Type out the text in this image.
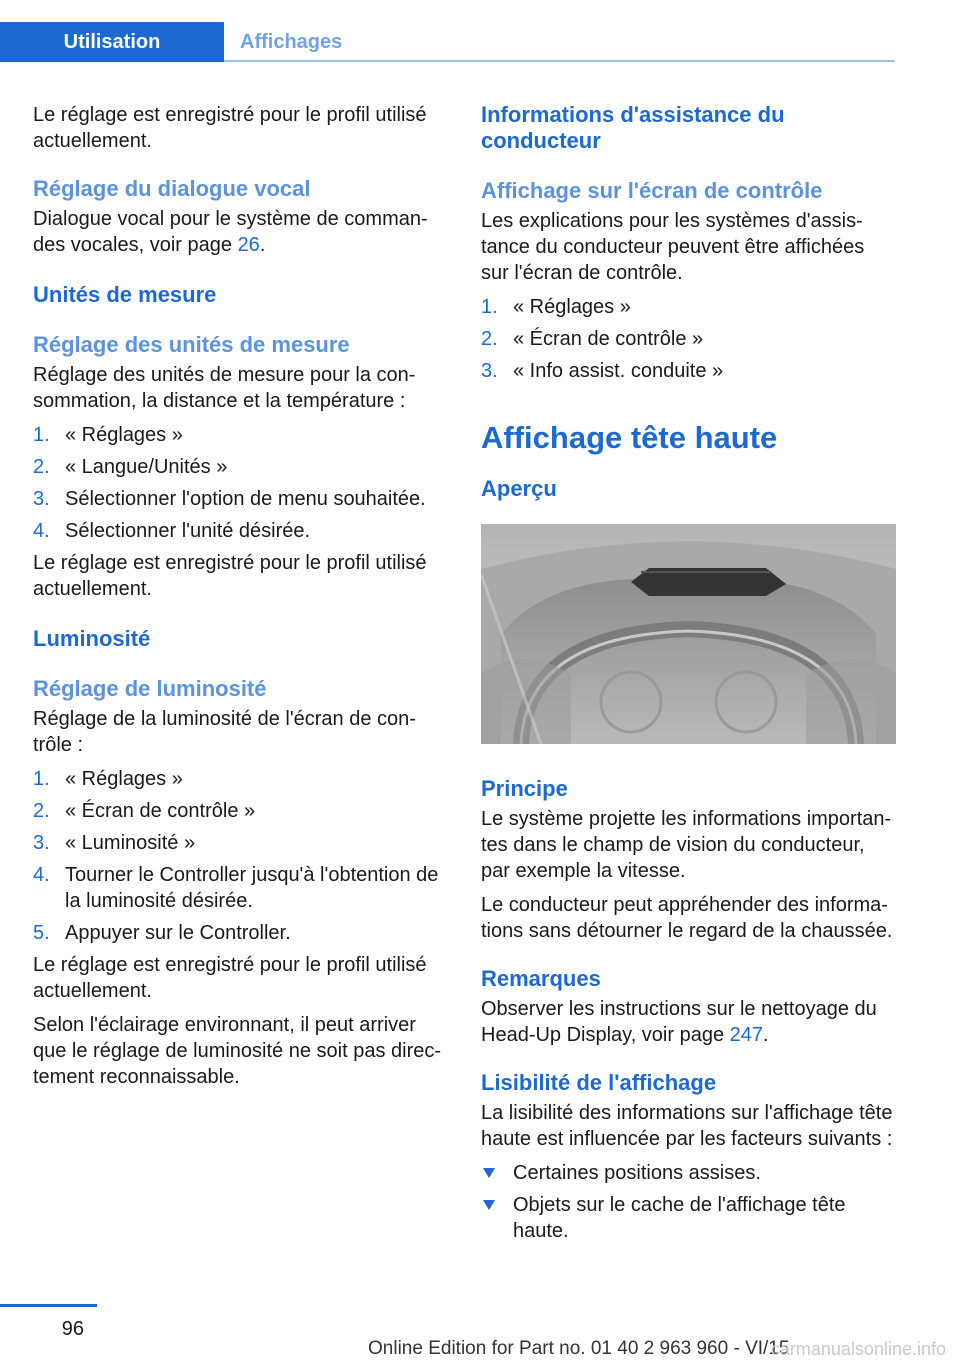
Utilisation	Affichages

Le réglage est enregistré pour le profil utilisé actuellement.

Réglage du dialogue vocal

Dialogue vocal pour le système de comman‐ des vocales, voir page 26.

Unités de mesure
Réglage des unités de mesure

Réglage des unités de mesure pour la con‐ sommation, la distance et la température :

1. « Réglages »
2. « Langue/Unités »
3. Sélectionner l'option de menu souhaitée.
4. Sélectionner l'unité désirée.

Le réglage est enregistré pour le profil utilisé actuellement.

Luminosité
Réglage de luminosité

Réglage de la luminosité de l'écran de con‐ trôle :

1. « Réglages »
2. « Écran de contrôle »
3. « Luminosité »
4. Tourner le Controller jusqu'à l'obtention de la luminosité désirée.
5. Appuyer sur le Controller.

Le réglage est enregistré pour le profil utilisé actuellement.

Selon l'éclairage environnant, il peut arriver que le réglage de luminosité ne soit pas direc‐ tement reconnaissable.

Informations d'assistance du conducteur
Affichage sur l'écran de contrôle

Les explications pour les systèmes d'assis‐ tance du conducteur peuvent être affichées sur l'écran de contrôle.

1. « Réglages »
2. « Écran de contrôle »
3. « Info assist. conduite »
Affichage tête haute
Aperçu
Principe

Le système projette les informations importan‐ tes dans le champ de vision du conducteur, par exemple la vitesse.

Le conducteur peut appréhender des informa‐ tions sans détourner le regard de la chaussée.

Remarques

Observer les instructions sur le nettoyage du Head-Up Display, voir page 247.

Lisibilité de l'affichage

La lisibilité des informations sur l'affichage tête haute est influencée par les facteurs suivants :

Certaines positions assises.
Objets sur le cache de l'affichage tête haute.
96
Online Edition for Part no. 01 40 2 963 960 - VI/15
carmanualsonline.info
